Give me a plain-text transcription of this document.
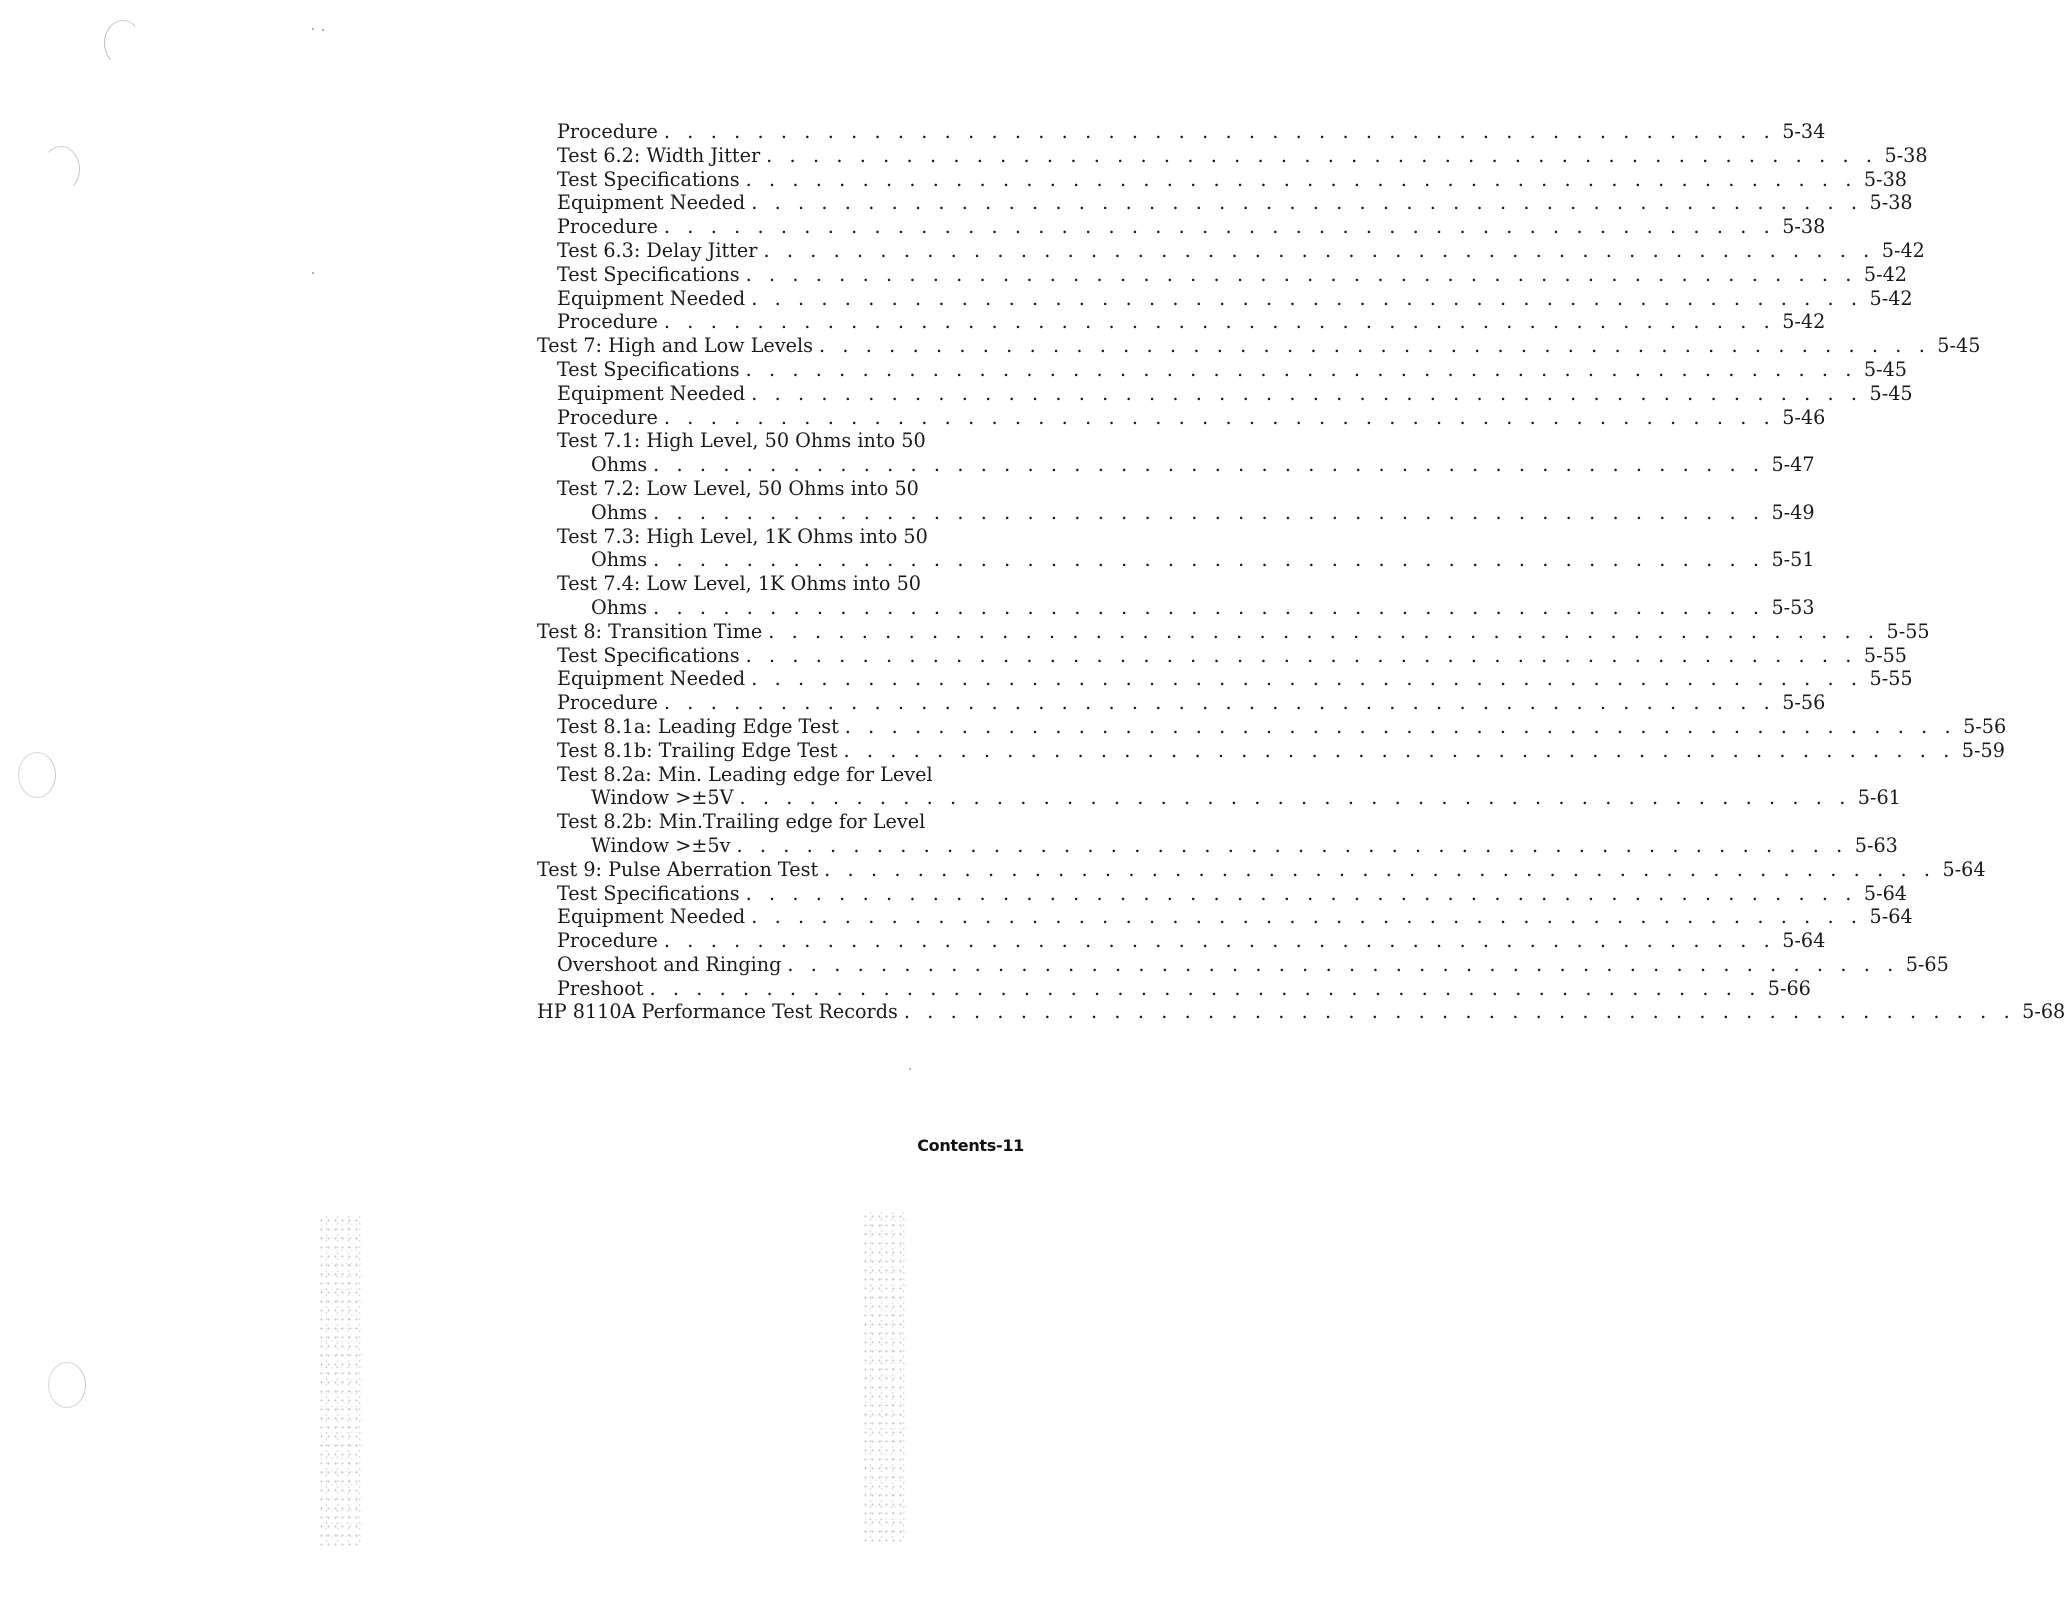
Procedure . . . . . . . . . . . . . . . . . . . . . . . . . . . . . . . . . . . . . . . . . . . . . . . . 5-34
Test 6.2: Width Jitter . . . . . . . . . . . . . . . . . . . . . . . . . . . . . . . . . . . . . . . . . . . . . . . . 5-38
Test Specifications . . . . . . . . . . . . . . . . . . . . . . . . . . . . . . . . . . . . . . . . . . . . . . . . 5-38
Equipment Needed . . . . . . . . . . . . . . . . . . . . . . . . . . . . . . . . . . . . . . . . . . . . . . . . 5-38
Procedure . . . . . . . . . . . . . . . . . . . . . . . . . . . . . . . . . . . . . . . . . . . . . . . . 5-38
Test 6.3: Delay Jitter . . . . . . . . . . . . . . . . . . . . . . . . . . . . . . . . . . . . . . . . . . . . . . . . 5-42
Test Specifications . . . . . . . . . . . . . . . . . . . . . . . . . . . . . . . . . . . . . . . . . . . . . . . . 5-42
Equipment Needed . . . . . . . . . . . . . . . . . . . . . . . . . . . . . . . . . . . . . . . . . . . . . . . . 5-42
Procedure . . . . . . . . . . . . . . . . . . . . . . . . . . . . . . . . . . . . . . . . . . . . . . . . 5-42
Test 7: High and Low Levels . . . . . . . . . . . . . . . . . . . . . . . . . . . . . . . . . . . . . . . . . . . . . . . . 5-45
Test Specifications . . . . . . . . . . . . . . . . . . . . . . . . . . . . . . . . . . . . . . . . . . . . . . . . 5-45
Equipment Needed . . . . . . . . . . . . . . . . . . . . . . . . . . . . . . . . . . . . . . . . . . . . . . . . 5-45
Procedure . . . . . . . . . . . . . . . . . . . . . . . . . . . . . . . . . . . . . . . . . . . . . . . . 5-46
Test 7.1: High Level, 50 Ohms into 50
Ohms . . . . . . . . . . . . . . . . . . . . . . . . . . . . . . . . . . . . . . . . . . . . . . . . 5-47
Test 7.2: Low Level, 50 Ohms into 50
Ohms . . . . . . . . . . . . . . . . . . . . . . . . . . . . . . . . . . . . . . . . . . . . . . . . 5-49
Test 7.3: High Level, 1K Ohms into 50
Ohms . . . . . . . . . . . . . . . . . . . . . . . . . . . . . . . . . . . . . . . . . . . . . . . . 5-51
Test 7.4: Low Level, 1K Ohms into 50
Ohms . . . . . . . . . . . . . . . . . . . . . . . . . . . . . . . . . . . . . . . . . . . . . . . . 5-53
Test 8: Transition Time . . . . . . . . . . . . . . . . . . . . . . . . . . . . . . . . . . . . . . . . . . . . . . . . 5-55
Test Specifications . . . . . . . . . . . . . . . . . . . . . . . . . . . . . . . . . . . . . . . . . . . . . . . . 5-55
Equipment Needed . . . . . . . . . . . . . . . . . . . . . . . . . . . . . . . . . . . . . . . . . . . . . . . . 5-55
Procedure . . . . . . . . . . . . . . . . . . . . . . . . . . . . . . . . . . . . . . . . . . . . . . . . 5-56
Test 8.1a: Leading Edge Test . . . . . . . . . . . . . . . . . . . . . . . . . . . . . . . . . . . . . . . . . . . . . . . . 5-56
Test 8.1b: Trailing Edge Test . . . . . . . . . . . . . . . . . . . . . . . . . . . . . . . . . . . . . . . . . . . . . . . . 5-59
Test 8.2a: Min. Leading edge for Level
Window >±5V . . . . . . . . . . . . . . . . . . . . . . . . . . . . . . . . . . . . . . . . . . . . . . . . 5-61
Test 8.2b: Min.Trailing edge for Level
Window >±5v . . . . . . . . . . . . . . . . . . . . . . . . . . . . . . . . . . . . . . . . . . . . . . . . 5-63
Test 9: Pulse Aberration Test . . . . . . . . . . . . . . . . . . . . . . . . . . . . . . . . . . . . . . . . . . . . . . . . 5-64
Test Specifications . . . . . . . . . . . . . . . . . . . . . . . . . . . . . . . . . . . . . . . . . . . . . . . . 5-64
Equipment Needed . . . . . . . . . . . . . . . . . . . . . . . . . . . . . . . . . . . . . . . . . . . . . . . . 5-64
Procedure . . . . . . . . . . . . . . . . . . . . . . . . . . . . . . . . . . . . . . . . . . . . . . . . 5-64
Overshoot and Ringing . . . . . . . . . . . . . . . . . . . . . . . . . . . . . . . . . . . . . . . . . . . . . . . . 5-65
Preshoot . . . . . . . . . . . . . . . . . . . . . . . . . . . . . . . . . . . . . . . . . . . . . . . . 5-66
HP 8110A Performance Test Records . . . . . . . . . . . . . . . . . . . . . . . . . . . . . . . . . . . . . . . . . . . . . . . . 5-68
Contents-11
